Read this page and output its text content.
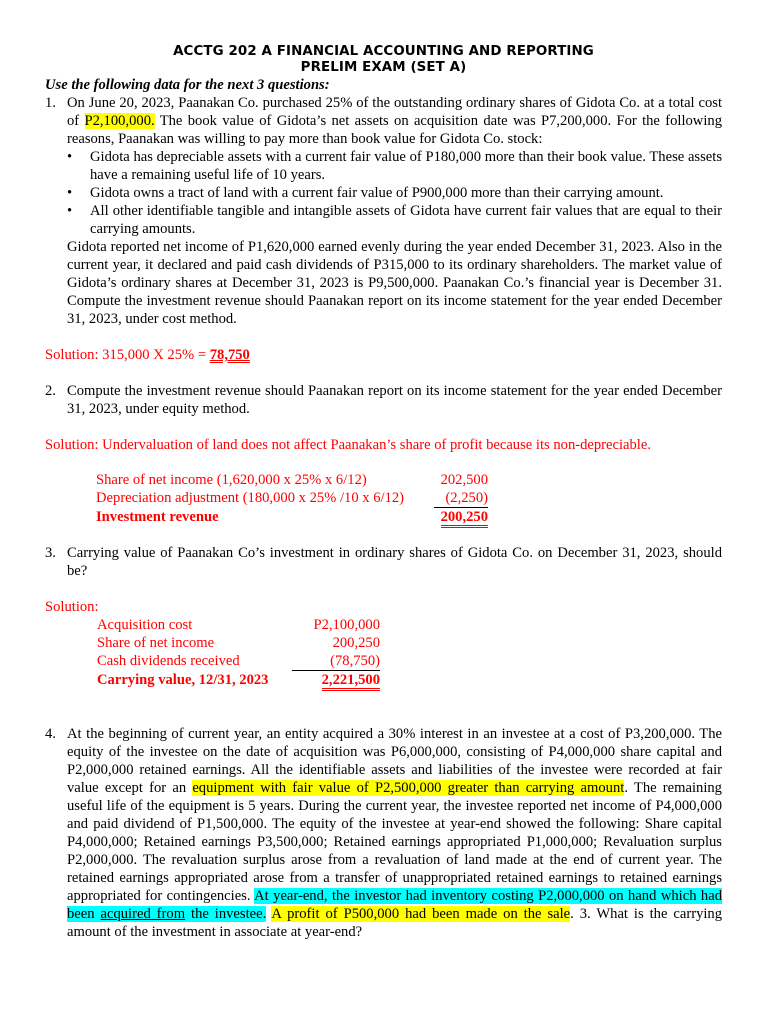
ACCTG 202 A FINANCIAL ACCOUNTING AND REPORTING
PRELIM EXAM (SET A)

Use the following data for the next 3 questions:

1. On June 20, 2023, Paanakan Co. purchased 25% of the outstanding ordinary shares of Gidota Co. at a total cost of P2,100,000. The book value of Gidota’s net assets on acquisition date was P7,200,000. For the following reasons, Paanakan was willing to pay more than book value for Gidota Co. stock:

• Gidota has depreciable assets with a current fair value of P180,000 more than their book value. These assets have a remaining useful life of 10 years.
• Gidota owns a tract of land with a current fair value of P900,000 more than their carrying amount.
• All other identifiable tangible and intangible assets of Gidota have current fair values that are equal to their carrying amounts.

Gidota reported net income of P1,620,000 earned evenly during the year ended December 31, 2023. Also in the current year, it declared and paid cash dividends of P315,000 to its ordinary shareholders. The market value of Gidota’s ordinary shares at December 31, 2023 is P9,500,000. Paanakan Co.’s financial year is December 31. Compute the investment revenue should Paanakan report on its income statement for the year ended December 31, 2023, under cost method.

Solution: 315,000 X 25% = 78,750

2. Compute the investment revenue should Paanakan report on its income statement for the year ended December 31, 2023, under equity method.

Solution: Undervaluation of land does not affect Paanakan’s share of profit because its non-depreciable.

Share of net income (1,620,000 x 25% x 6/12)	202,500
Depreciation adjustment (180,000 x 25% /10 x 6/12)	(2,250)
Investment revenue	200,250
3. Carrying value of Paanakan Co’s investment in ordinary shares of Gidota Co. on December 31, 2023, should be?

Solution:

Acquisition cost	P2,100,000
Share of net income	200,250
Cash dividends received	(78,750)
Carrying value, 12/31, 2023	2,221,500
4. At the beginning of current year, an entity acquired a 30% interest in an investee at a cost of P3,200,000. The equity of the investee on the date of acquisition was P6,000,000, consisting of P4,000,000 share capital and P2,000,000 retained earnings. All the identifiable assets and liabilities of the investee were recorded at fair value except for an equipment with fair value of P2,500,000 greater than carrying amount. The remaining useful life of the equipment is 5 years. During the current year, the investee reported net income of P4,000,000 and paid dividend of P1,500,000. The equity of the investee at year-end showed the following: Share capital P4,000,000; Retained earnings P3,500,000; Retained earnings appropriated P1,000,000; Revaluation surplus P2,000,000. The revaluation surplus arose from a revaluation of land made at the end of current year. The retained earnings appropriated arose from a transfer of unappropriated retained earnings to retained earnings appropriated for contingencies. At year-end, the investor had inventory costing P2,000,000 on hand which had been acquired from the investee. A profit of P500,000 had been made on the sale. 3. What is the carrying amount of the investment in associate at year-end?
